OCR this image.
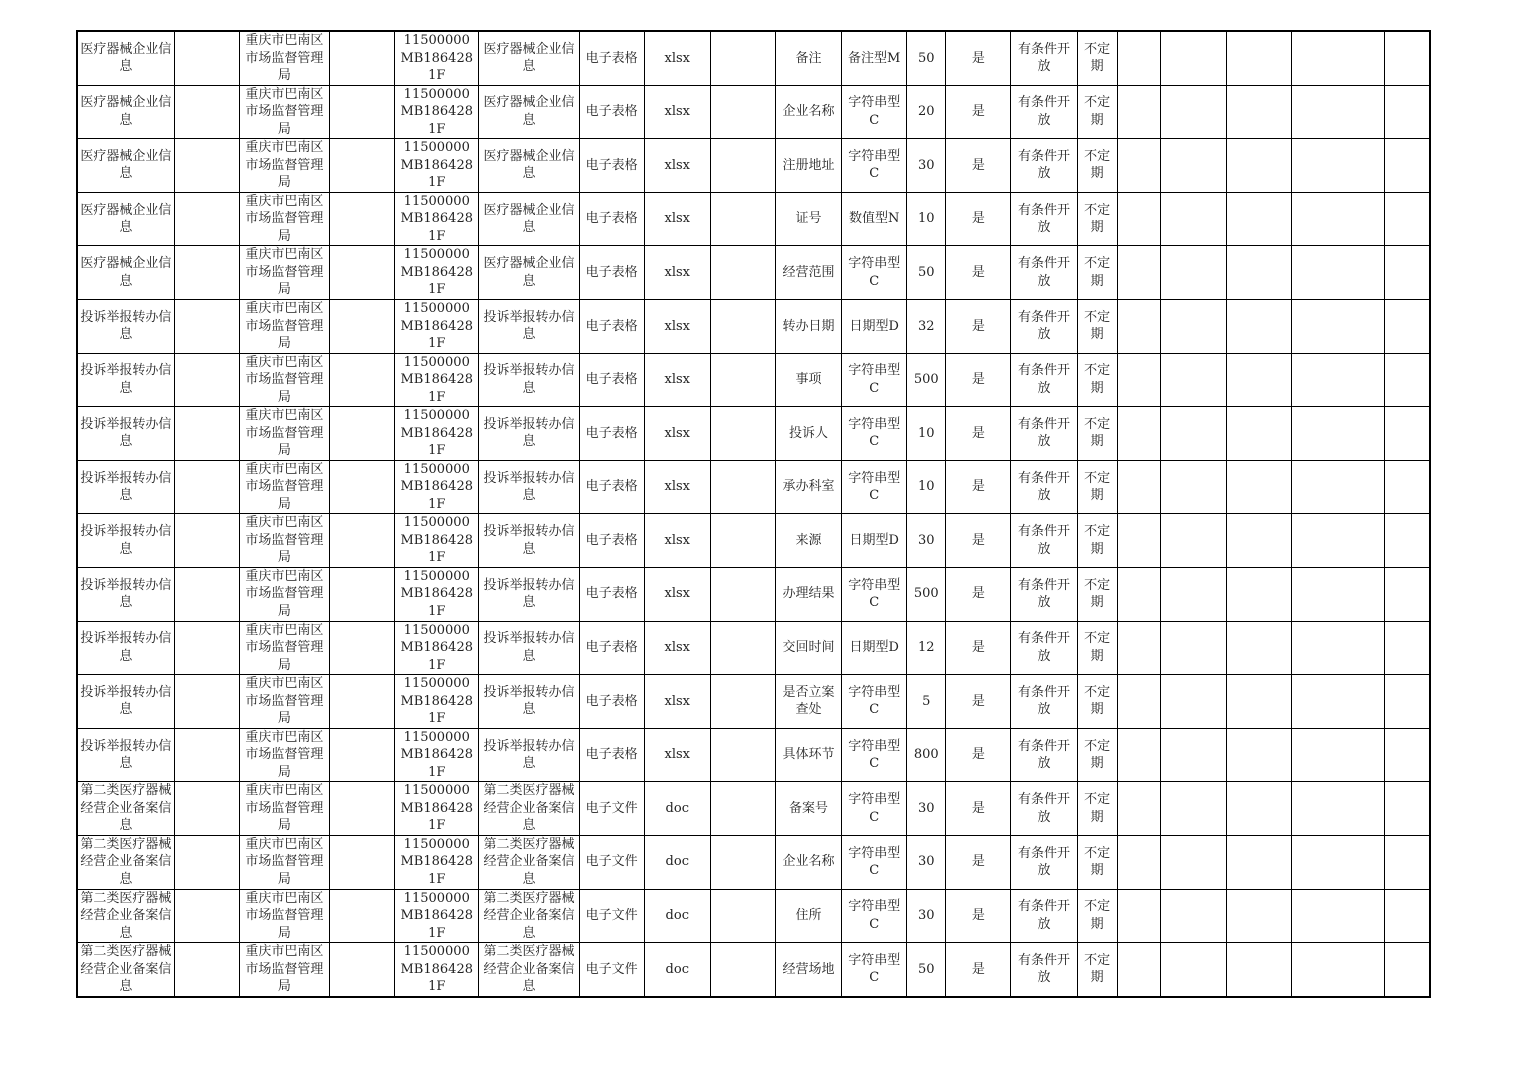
医疗器械企业信息		重庆市巴南区市场监督管理局		11500000MB1864281F	医疗器械企业信息	电子表格	xlsx		备注	备注型M	50	是	有条件开放	不定期					
医疗器械企业信息		重庆市巴南区市场监督管理局		11500000MB1864281F	医疗器械企业信息	电子表格	xlsx		企业名称	字符串型C	20	是	有条件开放	不定期					
医疗器械企业信息		重庆市巴南区市场监督管理局		11500000MB1864281F	医疗器械企业信息	电子表格	xlsx		注册地址	字符串型C	30	是	有条件开放	不定期					
医疗器械企业信息		重庆市巴南区市场监督管理局		11500000MB1864281F	医疗器械企业信息	电子表格	xlsx		证号	数值型N	10	是	有条件开放	不定期					
医疗器械企业信息		重庆市巴南区市场监督管理局		11500000MB1864281F	医疗器械企业信息	电子表格	xlsx		经营范围	字符串型C	50	是	有条件开放	不定期					
投诉举报转办信息		重庆市巴南区市场监督管理局		11500000MB1864281F	投诉举报转办信息	电子表格	xlsx		转办日期	日期型D	32	是	有条件开放	不定期					
投诉举报转办信息		重庆市巴南区市场监督管理局		11500000MB1864281F	投诉举报转办信息	电子表格	xlsx		事项	字符串型C	500	是	有条件开放	不定期					
投诉举报转办信息		重庆市巴南区市场监督管理局		11500000MB1864281F	投诉举报转办信息	电子表格	xlsx		投诉人	字符串型C	10	是	有条件开放	不定期					
投诉举报转办信息		重庆市巴南区市场监督管理局		11500000MB1864281F	投诉举报转办信息	电子表格	xlsx		承办科室	字符串型C	10	是	有条件开放	不定期					
投诉举报转办信息		重庆市巴南区市场监督管理局		11500000MB1864281F	投诉举报转办信息	电子表格	xlsx		来源	日期型D	30	是	有条件开放	不定期					
投诉举报转办信息		重庆市巴南区市场监督管理局		11500000MB1864281F	投诉举报转办信息	电子表格	xlsx		办理结果	字符串型C	500	是	有条件开放	不定期					
投诉举报转办信息		重庆市巴南区市场监督管理局		11500000MB1864281F	投诉举报转办信息	电子表格	xlsx		交回时间	日期型D	12	是	有条件开放	不定期					
投诉举报转办信息		重庆市巴南区市场监督管理局		11500000MB1864281F	投诉举报转办信息	电子表格	xlsx		是否立案查处	字符串型C	5	是	有条件开放	不定期					
投诉举报转办信息		重庆市巴南区市场监督管理局		11500000MB1864281F	投诉举报转办信息	电子表格	xlsx		具体环节	字符串型C	800	是	有条件开放	不定期					
第二类医疗器械经营企业备案信息		重庆市巴南区市场监督管理局		11500000MB1864281F	第二类医疗器械经营企业备案信息	电子文件	doc		备案号	字符串型C	30	是	有条件开放	不定期					
第二类医疗器械经营企业备案信息		重庆市巴南区市场监督管理局		11500000MB1864281F	第二类医疗器械经营企业备案信息	电子文件	doc		企业名称	字符串型C	30	是	有条件开放	不定期					
第二类医疗器械经营企业备案信息		重庆市巴南区市场监督管理局		11500000MB1864281F	第二类医疗器械经营企业备案信息	电子文件	doc		住所	字符串型C	30	是	有条件开放	不定期					
第二类医疗器械经营企业备案信息		重庆市巴南区市场监督管理局		11500000MB1864281F	第二类医疗器械经营企业备案信息	电子文件	doc		经营场地	字符串型C	50	是	有条件开放	不定期					
